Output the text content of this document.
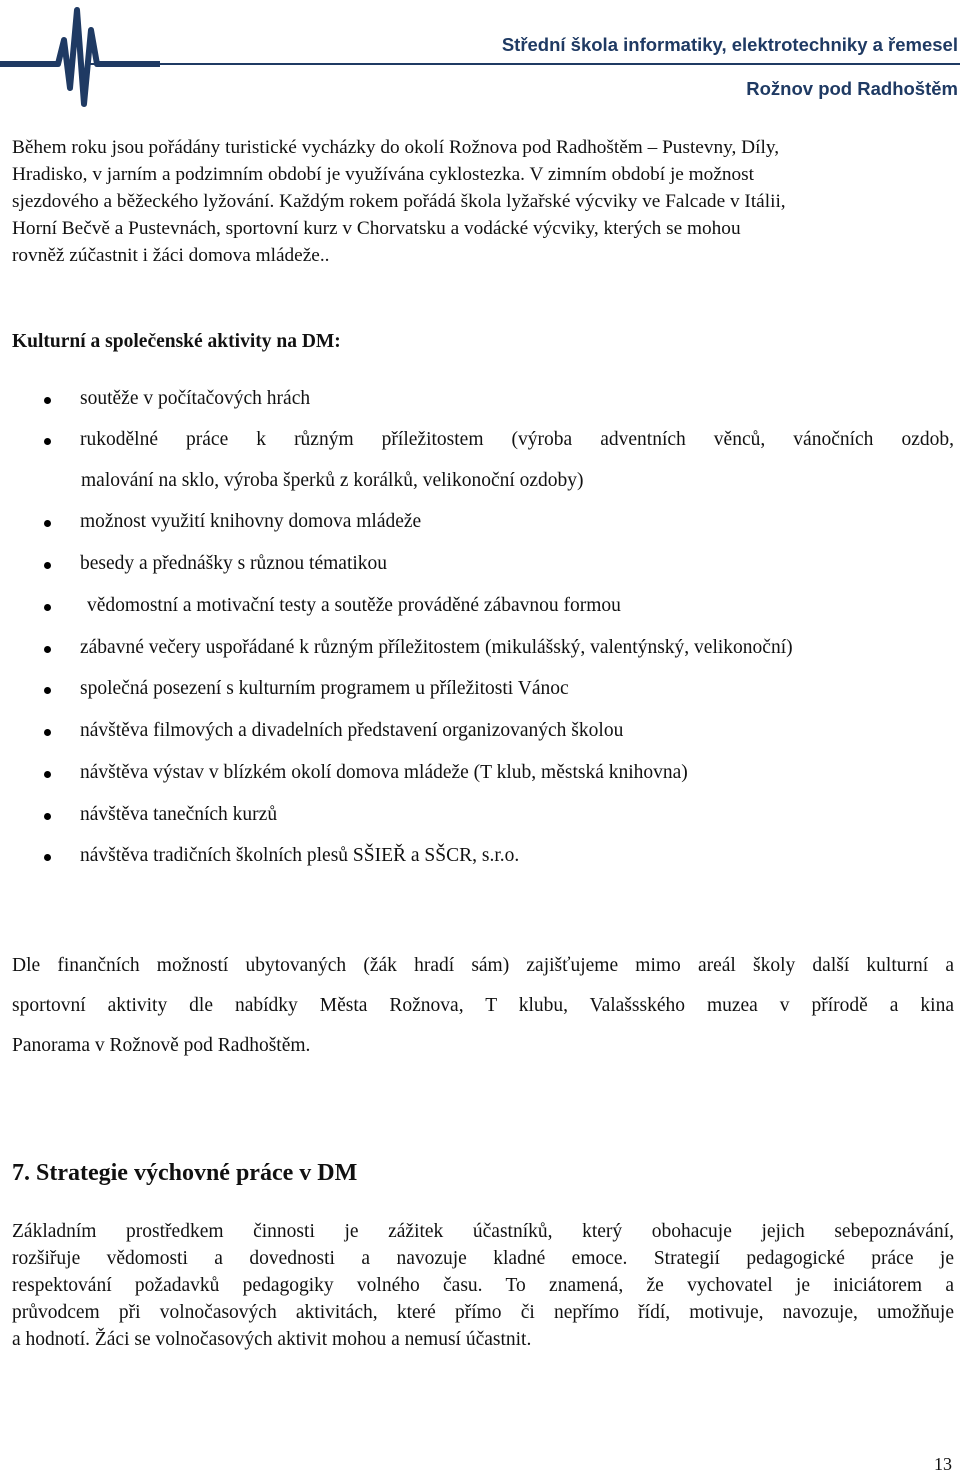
Střední škola informatiky, elektrotechniky a řemesel
Rožnov pod Radhoštěm

Během roku jsou pořádány turistické vycházky do okolí Rožnova pod Radhoštěm – Pustevny, Díly,

Hradisko, v jarním a podzimním období je využívána cyklostezka. V zimním období je možnost

sjezdového a běžeckého lyžování. Každým rokem pořádá škola lyžařské výcviky ve Falcade v Itálii,

Horní Bečvě a Pustevnách, sportovní kurz v Chorvatsku a vodácké výcviky, kterých se mohou

rovněž zúčastnit i žáci domova mládeže..

Kulturní a společenské aktivity na DM:
soutěže v počítačových hrách
rukodělné práce k různým příležitostem (výroba adventních věnců, vánočních ozdob,
malování na sklo, výroba šperků z korálků, velikonoční ozdoby)
možnost využití knihovny domova mládeže
besedy a přednášky s různou tématikou
vědomostní a motivační testy a soutěže prováděné zábavnou formou
zábavné večery uspořádané k různým příležitostem (mikulášský, valentýnský, velikonoční)
společná posezení s kulturním programem u příležitosti Vánoc
návštěva filmových a divadelních představení organizovaných školou
návštěva výstav v blízkém okolí domova mládeže (T klub, městská knihovna)
návštěva tanečních kurzů
návštěva tradičních školních plesů SŠIEŘ a SŠCR, s.r.o.
Dle finančních možností ubytovaných (žák hradí sám) zajišťujeme mimo areál školy další kulturní a
sportovní aktivity dle nabídky Města Rožnova, T klubu, Valašsského muzea v přírodě a kina
Panorama v Rožnově pod Radhoštěm.
7. Strategie výchovné práce v DM
Základním prostředkem činnosti je zážitek účastníků, který obohacuje jejich sebepoznávání,
rozšiřuje vědomosti a dovednosti a navozuje kladné emoce. Strategií pedagogické práce je
respektování požadavků pedagogiky volného času. To znamená, že vychovatel je iniciátorem a
průvodcem při volnočasových aktivitách, které přímo či nepřímo řídí, motivuje, navozuje, umožňuje
a hodnotí. Žáci se volnočasových aktivit mohou a nemusí účastnit.
13
